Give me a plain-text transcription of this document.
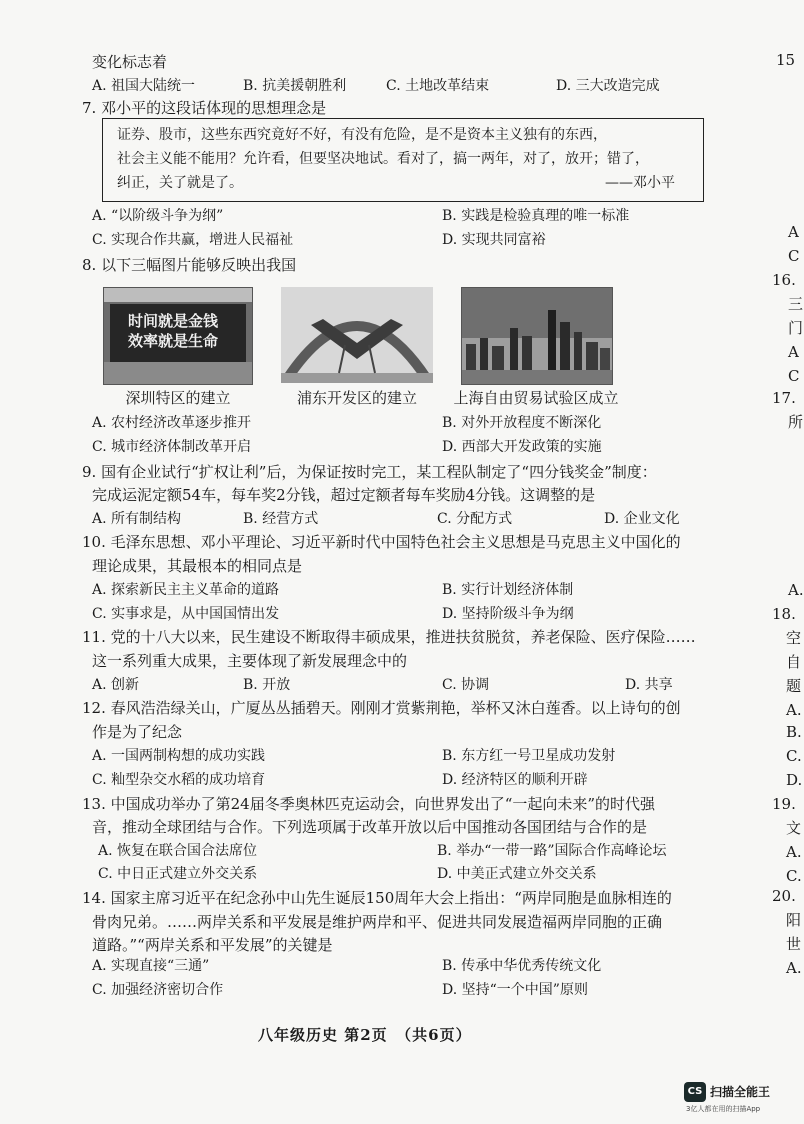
变化标志着
A. 祖国大陆统一	B. 抗美援朝胜利	C. 土地改革结束	D. 三大改造完成
7. 邓小平的这段话体现的思想理念是
证券、股市，这些东西究竟好不好，有没有危险，是不是资本主义独有的东西，
社会主义能不能用？允许看，但要坚决地试。看对了，搞一两年，对了，放开；错了，
纠正，关了就是了。	——邓小平
A. “以阶级斗争为纲”	B. 实践是检验真理的唯一标准
C. 实现合作共赢，增进人民福祉	D. 实现共同富裕
8. 以下三幅图片能够反映出我国
时间就是金钱
效率就是生命
深圳特区的建立	浦东开发区的建立	上海自由贸易试验区成立
A. 农村经济改革逐步推开	B. 对外开放程度不断深化
C. 城市经济体制改革开启	D. 西部大开发政策的实施
9. 国有企业试行“扩权让利”后，为保证按时完工，某工程队制定了“四分钱奖金”制度：
完成运泥定额54车，每车奖2分钱，超过定额者每车奖励4分钱。这调整的是
A. 所有制结构	B. 经营方式	C. 分配方式	D. 企业文化
10. 毛泽东思想、邓小平理论、习近平新时代中国特色社会主义思想是马克思主义中国化的
理论成果，其最根本的相同点是
A. 探索新民主主义革命的道路	B. 实行计划经济体制
C. 实事求是，从中国国情出发	D. 坚持阶级斗争为纲
11. 党的十八大以来，民生建设不断取得丰硕成果，推进扶贫脱贫，养老保险、医疗保险……
这一系列重大成果，主要体现了新发展理念中的
A. 创新	B. 开放	C. 协调	D. 共享
12. 春风浩浩绿关山，广厦丛丛插碧天。刚刚才赏紫荆艳，举杯又沐白莲香。以上诗句的创
作是为了纪念
A. 一国两制构想的成功实践	B. 东方红一号卫星成功发射
C. 籼型杂交水稻的成功培育	D. 经济特区的顺利开辟
13. 中国成功举办了第24届冬季奥林匹克运动会，向世界发出了“一起向未来”的时代强
音，推动全球团结与合作。下列选项属于改革开放以后中国推动各国团结与合作的是
A. 恢复在联合国合法席位	B. 举办“一带一路”国际合作高峰论坛
C. 中日正式建立外交关系	D. 中美正式建立外交关系
14. 国家主席习近平在纪念孙中山先生诞辰150周年大会上指出：“两岸同胞是血脉相连的
骨肉兄弟。……两岸关系和平发展是维护两岸和平、促进共同发展造福两岸同胞的正确
道路。”“两岸关系和平发展”的关键是
A. 实现直接“三通”	B. 传承中华优秀传统文化
C. 加强经济密切合作	D. 坚持“一个中国”原则
八年级历史 第2页　（共6页）
15
A
C
16.
三
门
A
C
17.
所
A.
18.
空
自
题
A.
B.
C.
D.
19.
文
A.
C.
20.
阳
世
A.
CS 扫描全能王
3亿人都在用的扫描App
